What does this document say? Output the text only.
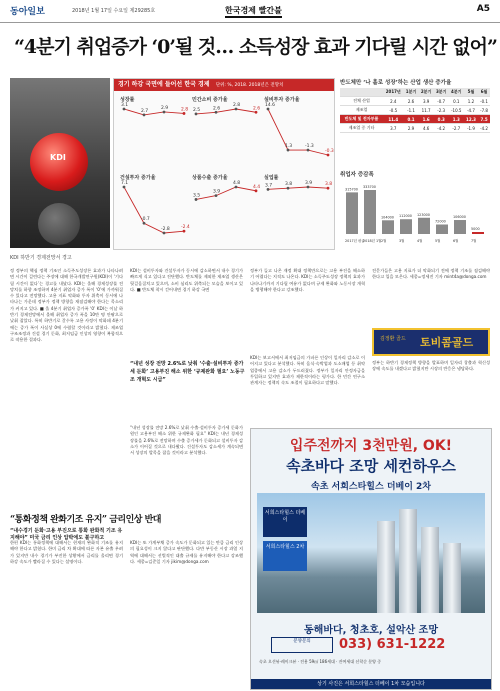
동아일보	2018년 1월 17일 수요일 제29285호	한국경제 빨간불	A5
“4분기 취업증가 ‘0’될 것… 소득성장 효과 기다릴 시간 없어”
KDI
KDI 하반기 경제전망서 경고
경기 하강 국면에 들어선 한국 경제 단위: %, 2018. 2018년은 전망치
성장률
3.1
2.7
2.9	2.8
민간소비 증가율
2.5	2.6
2.8
2.6
설비투자 증가율
14.6
1.3	-1.3
-0.3
건설투자 증가율
7.1
-0.7
-2.8 -2.4
상품수출 증가율
3.5
3.9
4.8
4.4
실업률
3.7	3.8	3.9	3.8
반도체만 ‘나 홀로 성장’하는 산업 생산 증가율
	2017년	1분기	2분기	3분기	4분기	5월	6월
전체 산업	2.4	2.6	3.9	-0.7	0.1	1.2	-0.1
제조업	-0.5	-1.1	11.7	-2.3	-10.5	-4.7	-7.8
반도체 및 전자부품	11.4	0.1	1.6	0.3	1.3	12.3	7.5
제조업 중 기타	3.7	2.9	4.6	-4.2	-2.7	-1.9	-4.2
취업자 증감폭
315700
2017년 평균
333700
2018년 1월
104000
2월
112000
3월
123000
4월
72000
5월
106000
6월
5000
7월
정 정부의 핵심 정책 기조인 소득주도성장론 효과가 나타나려면 시간이 걸린다는 주장에 대해 한국개발연구원(KDI)이 ‘기다릴 시간이 없다’는 경고를 내놨다. KDI는 올해 경제성장률 전망치를 하향 조정하며 4분기 취업자 증가 폭이 ‘0’에 가까워질 수 있다고 전망했다. 고용 지표 악화와 투자 위축이 동시에 나타나는 가운데 정부가 정책 방향을 재점검해야 한다는 목소리가 커지고 있다. ■ 올 4분기 취업자 증가폭 ‘0’ KDI는 이날 하반기 경제전망에서 올해 취업자 증가 폭을 10만 명 안팎으로 낮춰 잡았다. 특히 하반기로 갈수록 고용 사정이 악화돼 4분기에는 증가 폭이 사실상 0에 수렴할 것이라고 밝혔다. 제조업 구조조정과 건설 경기 둔화, 최저임금 인상의 영향이 복합적으로 작용한 결과다.
KDI는 설비투자와 건설투자가 동시에 감소하면서 내수 경기가 빠르게 식고 있다고 진단했다. 반도체를 제외한 제조업 생산은 뒷걸음질치고 있으며, 소비 심리도 위축되는 모습을 보이고 있다. ■ 반도체 착시 걷어내면 경기 하강 국면
정부가 들고 나온 재정 확대 정책만으로는 고용 부진을 해소하기 어렵다는 지적도 나온다. KDI는 소득주도성장 정책의 효과가 나타나기까지 기다릴 여유가 없다며 규제 완화와 노동시장 개혁을 병행해야 한다고 강조했다.
전문가들은 고용 지표가 더 악화되기 전에 정책 기조를 점검해야 한다고 입을 모은다. 세종=정세진 기자 mint4a@donga.com
김정환 골드 토비콤골드
“내년 성장 전망 2.6%로 낮춰 ‘수출·설비투자 증가세 둔화’ 고용부진 해소 위한 ‘규제완화 필요’ 노동구조 개혁도 시급”
“내년 성장률 전망 2.6%로 낮춰 수출·설비투자 증가세 둔화가 원인 고용부진 해소 위한 규제완화 필요” KDI는 내년 경제성장률을 2.6%로 전망하며 수출 증가세가 둔화되고 설비투자 감소가 이어질 것으로 내다봤다. 건설투자도 감소세가 계속되면서 성장의 발목을 잡을 것이라고 분석했다.
KDI는 보고서에서 최저임금의 가파른 인상이 일자리 감소로 이어지고 있다고 분석했다. 특히 음식·숙박업과 도소매업 등 취약 업종에서 고용 감소가 두드러졌다. 정부가 일자리 안정자금을 투입하고 있지만 효과가 제한적이라는 평가다. 한 민간 연구소 관계자는 정책의 속도 조절이 필요하다고 말했다.
정부는 하반기 경제정책 방향을 발표하며 일자리 창출과 혁신성장에 속도를 내겠다고 밝혔지만 시장의 반응은 냉담하다.
“통화정책 완화기조 유지” 금리인상 반대
“내수경기 둔화·고용 부진으로 통화 완화적 기조 유지해야” 미국 금리 인상 압박에도 불구하고
한편 KDI는 통화정책에 대해서는 현재의 완화적 기조를 유지해야 한다고 밝혔다. 한미 금리 차 확대에 따른 자본 유출 우려가 있지만 내수 경기가 부진한 상황에서 금리를 올리면 경기 하강 속도가 빨라질 수 있다는 설명이다.
KDI는 또 가계부채 증가 속도가 둔화되고 있는 만큼 금리 인상의 필요성이 크지 않다고 판단했다. 다만 부동산 시장 과열 지역에 대해서는 선별적인 대출 규제를 유지해야 한다고 강조했다. 세종=김준일 기자 jikim@donga.com
입주전까지 3천만원, OK!
속초바다 조망 세컨하우스
속초 서희스타힐스 더베이 2차
서희스타힐스 더베이
서희스타힐스 2차
동해바다, 청초호, 설악산 조망
분양문의	033) 631-1222
속초 오션뷰·레이크뷰 · 전용 59㎡ 186세대 · 잔여세대 선착순 분양 중
상기 사진은 서희스타힐스 더베이 1차 모습입니다
